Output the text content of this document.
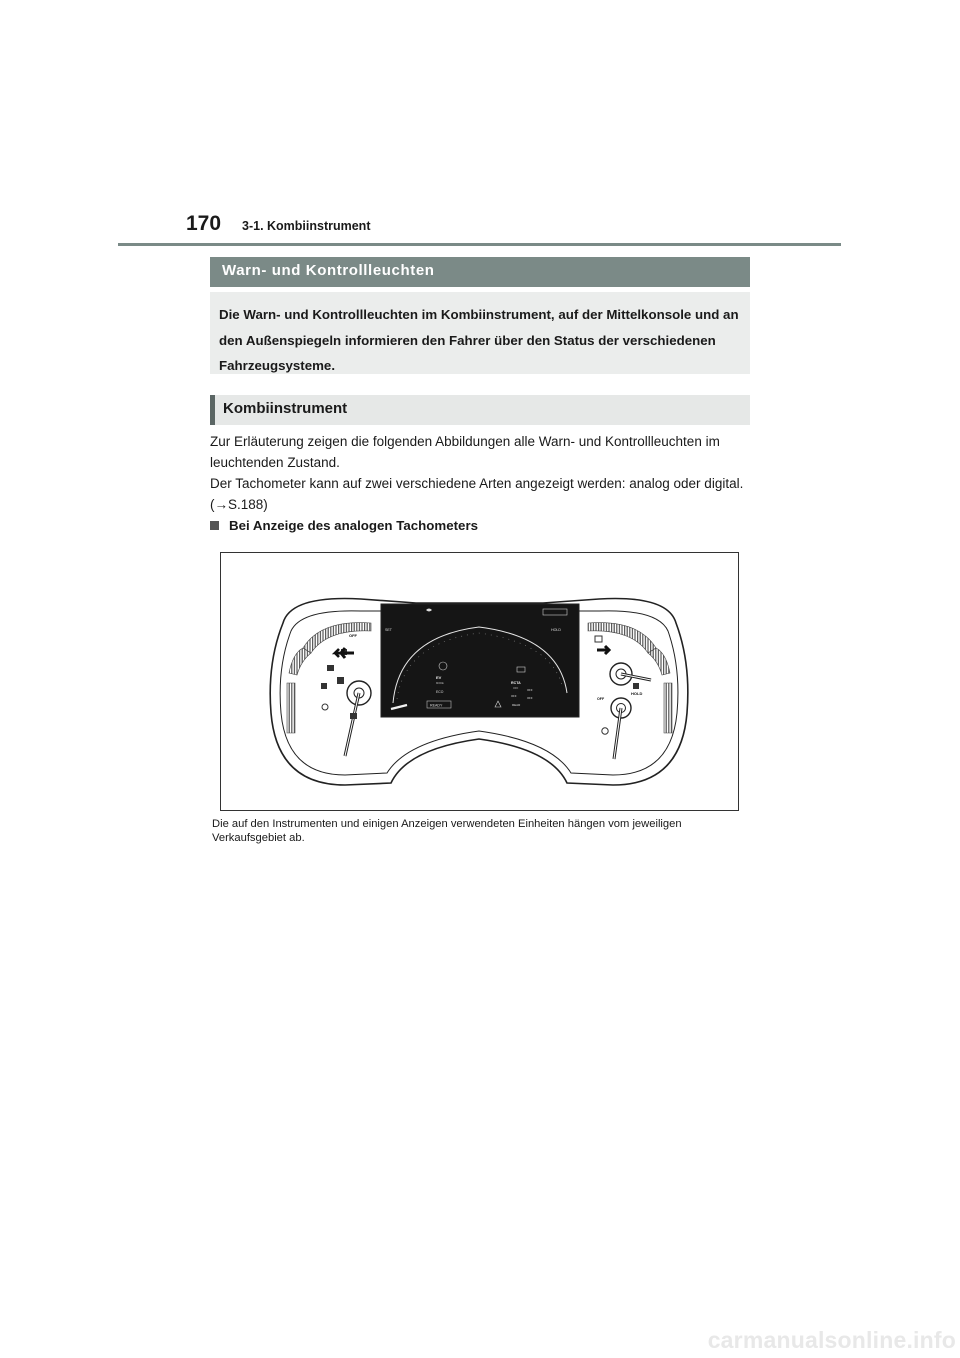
170 3-1. Kombiinstrument
Warn- und Kontrollleuchten
Die Warn- und Kontrollleuchten im Kombiinstrument, auf der Mittelkonsole und an den Außenspiegeln informieren den Fahrer über den Status der verschiedenen Fahrzeugsysteme.
Kombiinstrument
Zur Erläuterung zeigen die folgenden Abbildungen alle Warn- und Kontrollleuchten im leuchtenden Zustand.
Der Tachometer kann auf zwei verschiedene Arten angezeigt werden: analog oder digital. (→S.188)
Bei Anzeige des analogen Tachometers
OFF
SET	HOLD
EV
MODE
ECO
RCTA
OFF
OFF
OFF
OFF
REAR
READY
HOLD
OFF
Die auf den Instrumenten und einigen Anzeigen verwendeten Einheiten hängen vom jeweiligen Verkaufsgebiet ab.
carmanualsonline.info
